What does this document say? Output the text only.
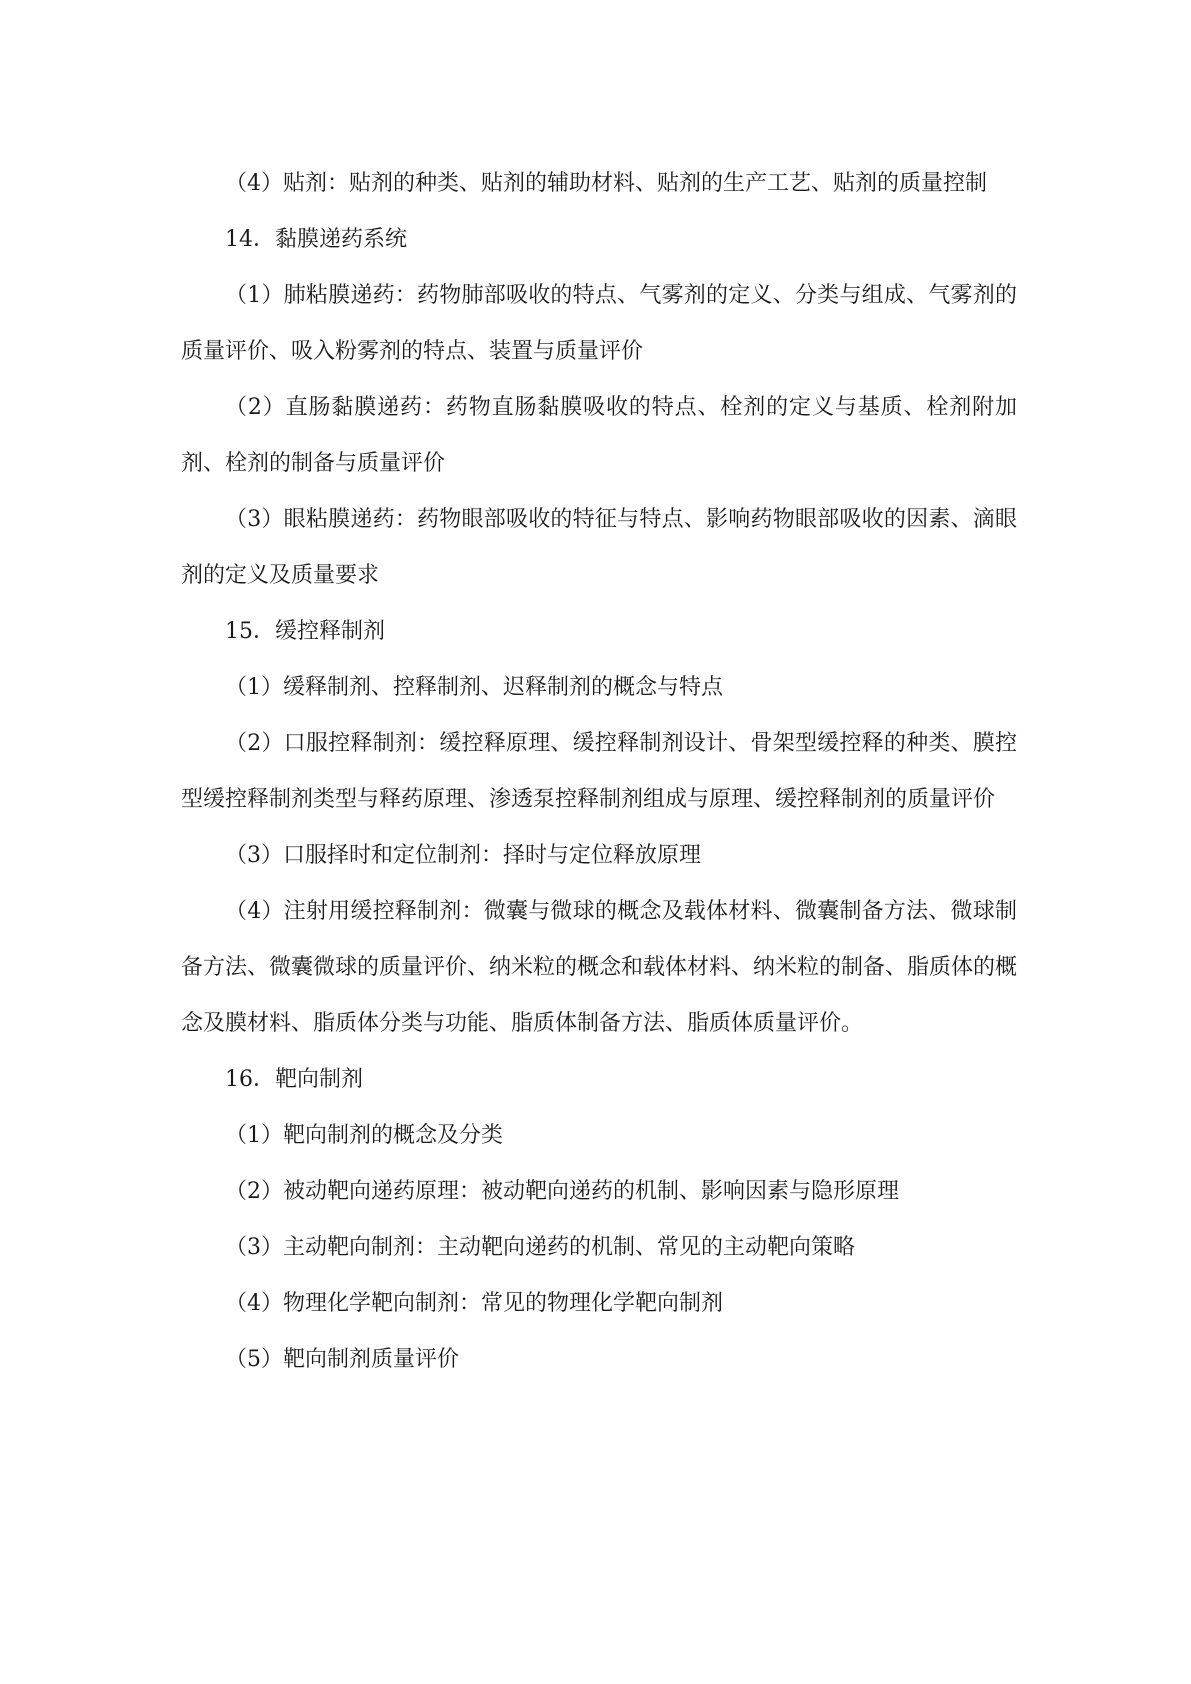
（4）贴剂：贴剂的种类、贴剂的辅助材料、贴剂的生产工艺、贴剂的质量控制

14．黏膜递药系统

（1）肺粘膜递药：药物肺部吸收的特点、气雾剂的定义、分类与组成、气雾剂的质量评价、吸入粉雾剂的特点、装置与质量评价

（2）直肠黏膜递药：药物直肠黏膜吸收的特点、栓剂的定义与基质、栓剂附加剂、栓剂的制备与质量评价

（3）眼粘膜递药：药物眼部吸收的特征与特点、影响药物眼部吸收的因素、滴眼剂的定义及质量要求

15．缓控释制剂

（1）缓释制剂、控释制剂、迟释制剂的概念与特点

（2）口服控释制剂：缓控释原理、缓控释制剂设计、骨架型缓控释的种类、膜控型缓控释制剂类型与释药原理、渗透泵控释制剂组成与原理、缓控释制剂的质量评价

（3）口服择时和定位制剂：择时与定位释放原理

（4）注射用缓控释制剂：微囊与微球的概念及载体材料、微囊制备方法、微球制备方法、微囊微球的质量评价、纳米粒的概念和载体材料、纳米粒的制备、脂质体的概念及膜材料、脂质体分类与功能、脂质体制备方法、脂质体质量评价。

16．靶向制剂

（1）靶向制剂的概念及分类

（2）被动靶向递药原理：被动靶向递药的机制、影响因素与隐形原理

（3）主动靶向制剂：主动靶向递药的机制、常见的主动靶向策略

（4）物理化学靶向制剂：常见的物理化学靶向制剂

（5）靶向制剂质量评价
